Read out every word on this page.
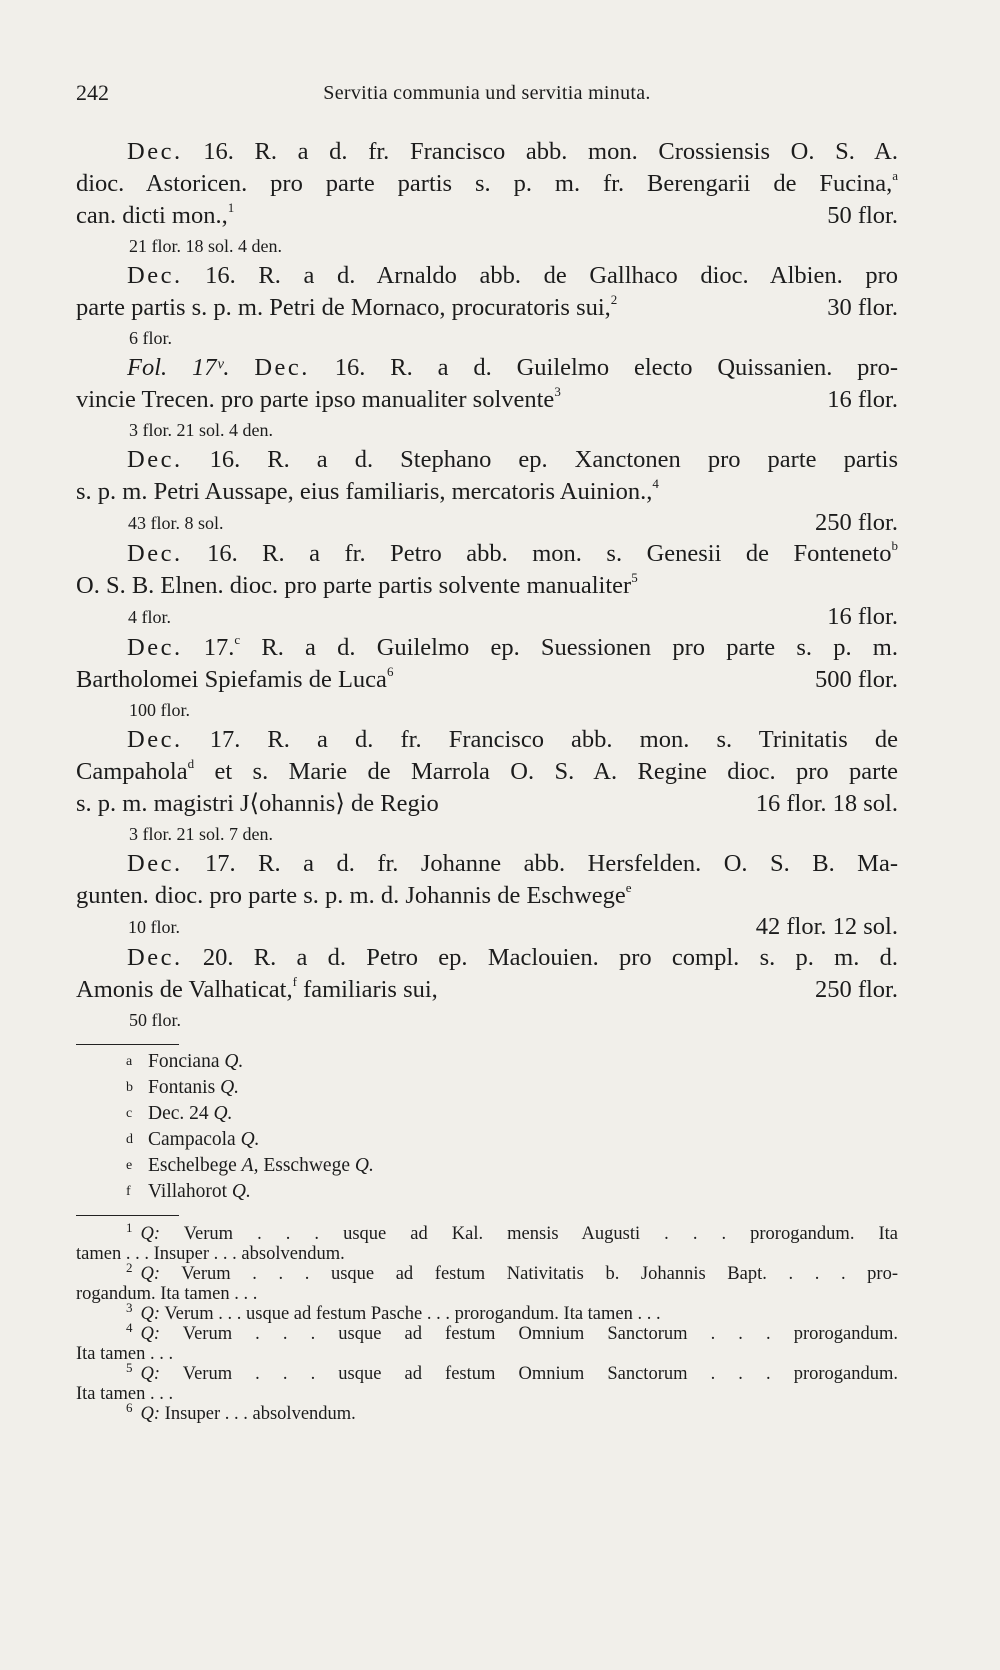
242	Servitia communia und servitia minuta.
Dec. 16. R. a d. fr. Francisco abb. mon. Crossiensis O. S. A.
dioc. Astoricen. pro parte partis s. p. m. fr. Berengarii de Fucina,$^a$
can. dicti mon.,$^1$	50 flor.
21 flor. 18 sol. 4 den.
Dec. 16. R. a d. Arnaldo abb. de Gallhaco dioc. Albien. pro
parte partis s. p. m. Petri de Mornaco, procuratoris sui,$^2$	30 flor.
6 flor.
Fol. 17ᵛ. Dec. 16. R. a d. Guilelmo electo Quissanien. pro-
vincie Trecen. pro parte ipso manualiter solvente$^3$	16 flor.
3 flor. 21 sol. 4 den.
Dec. 16. R. a d. Stephano ep. Xanctonen pro parte partis
s. p. m. Petri Aussape, eius familiaris, mercatoris Auinion.,$^4$
43 flor. 8 sol.	250 flor.
Dec. 16. R. a fr. Petro abb. mon. s. Genesii de Fonteneto$^b$
O. S. B. Elnen. dioc. pro parte partis solvente manualiter$^5$
4 flor.	16 flor.
Dec. 17.$^c$ R. a d. Guilelmo ep. Suessionen pro parte s. p. m.
Bartholomei Spiefamis de Luca$^6$	500 flor.
100 flor.
Dec. 17. R. a d. fr. Francisco abb. mon. s. Trinitatis de
Campahola$^d$ et s. Marie de Marrola O. S. A. Regine dioc. pro parte
s. p. m. magistri J⟨ohannis⟩ de Regio	16 flor. 18 sol.
3 flor. 21 sol. 7 den.
Dec. 17. R. a d. fr. Johanne abb. Hersfelden. O. S. B. Ma-
gunten. dioc. pro parte s. p. m. d. Johannis de Eschwege$^e$
10 flor.	42 flor. 12 sol.
Dec. 20. R. a d. Petro ep. Maclouien. pro compl. s. p. m. d.
Amonis de Valhaticat,$^f$ familiaris sui,	250 flor.
50 flor.
a Fonciana Q.
b Fontanis Q.
c Dec. 24 Q.
d Campacola Q.
e Eschelbege A, Esschwege Q.
f Villahorot Q.
$^1$ Q: Verum . . . usque ad Kal. mensis Augusti . . . prorogandum. Ita
tamen . . . Insuper . . . absolvendum.
$^2$ Q: Verum . . . usque ad festum Nativitatis b. Johannis Bapt. . . . pro-
rogandum. Ita tamen . . .
$^3$ Q: Verum . . . usque ad festum Pasche . . . prorogandum. Ita tamen . . .
$^4$ Q: Verum . . . usque ad festum Omnium Sanctorum . . . prorogandum.
Ita tamen . . .
$^5$ Q: Verum . . . usque ad festum Omnium Sanctorum . . . prorogandum.
Ita tamen . . .
$^6$ Q: Insuper . . . absolvendum.
